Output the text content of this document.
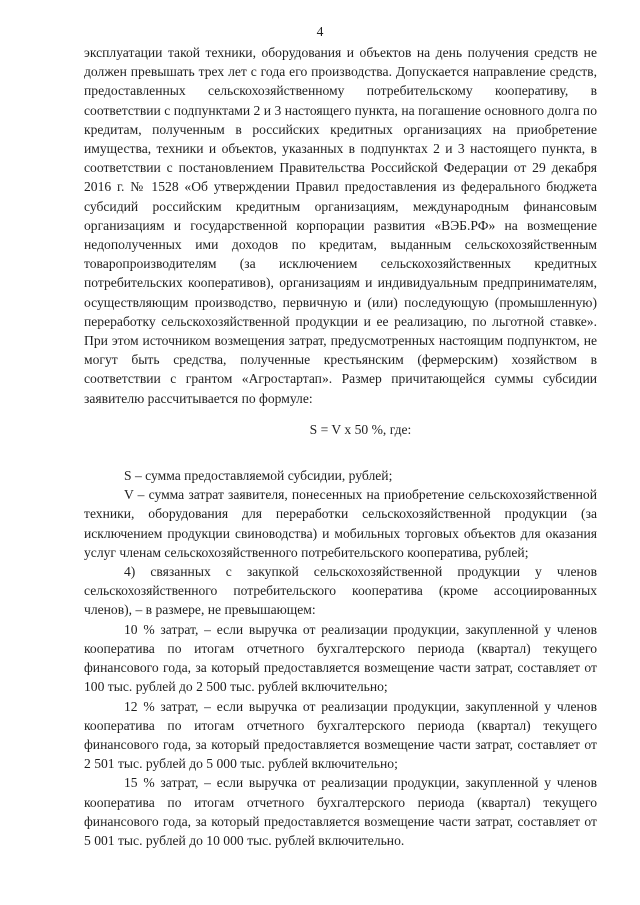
4

эксплуатации такой техники, оборудования и объектов на день получения средств не должен превышать трех лет с года его производства. Допускается направление средств, предоставленных сельскохозяйственному потребительскому кооперативу, в соответствии с подпунктами 2 и 3 настоящего пункта, на погашение основного долга по кредитам, полученным в российских кредитных организациях на приобретение имущества, техники и объектов, указанных в подпунктах 2 и 3 настоящего пункта, в соответствии с постановлением Правительства Российской Федерации от 29 декабря 2016 г. № 1528 «Об утверждении Правил предоставления из федерального бюджета субсидий российским кредитным организациям, международным финансовым организациям и государственной корпорации развития «ВЭБ.РФ» на возмещение недополученных ими доходов по кредитам, выданным сельскохозяйственным товаропроизводителям (за исключением сельскохозяйственных кредитных потребительских кооперативов), организациям и индивидуальным предпринимателям, осуществляющим производство, первичную и (или) последующую (промышленную) переработку сельскохозяйственной продукции и ее реализацию, по льготной ставке». При этом источником возмещения затрат, предусмотренных настоящим подпунктом, не могут быть средства, полученные крестьянским (фермерским) хозяйством в соответствии с грантом «Агростартап». Размер причитающейся суммы субсидии заявителю рассчитывается по формуле:

S = V x 50 %, где:

S – сумма предоставляемой субсидии, рублей;

V – сумма затрат заявителя, понесенных на приобретение сельскохозяйственной техники, оборудования для переработки сельскохозяйственной продукции (за исключением продукции свиноводства) и мобильных торговых объектов для оказания услуг членам сельскохозяйственного потребительского кооператива, рублей;

4) связанных с закупкой сельскохозяйственной продукции у членов сельскохозяйственного потребительского кооператива (кроме ассоциированных членов), – в размере, не превышающем:

10 % затрат, – если выручка от реализации продукции, закупленной у членов кооператива по итогам отчетного бухгалтерского периода (квартал) текущего финансового года, за который предоставляется возмещение части затрат, составляет от 100 тыс. рублей до 2 500 тыс. рублей включительно;

12 % затрат, – если выручка от реализации продукции, закупленной у членов кооператива по итогам отчетного бухгалтерского периода (квартал) текущего финансового года, за который предоставляется возмещение части затрат, составляет от 2 501 тыс. рублей до 5 000 тыс. рублей включительно;

15 % затрат, – если выручка от реализации продукции, закупленной у членов кооператива по итогам отчетного бухгалтерского периода (квартал) текущего финансового года, за который предоставляется возмещение части затрат, составляет от 5 001 тыс. рублей до 10 000 тыс. рублей включительно.
